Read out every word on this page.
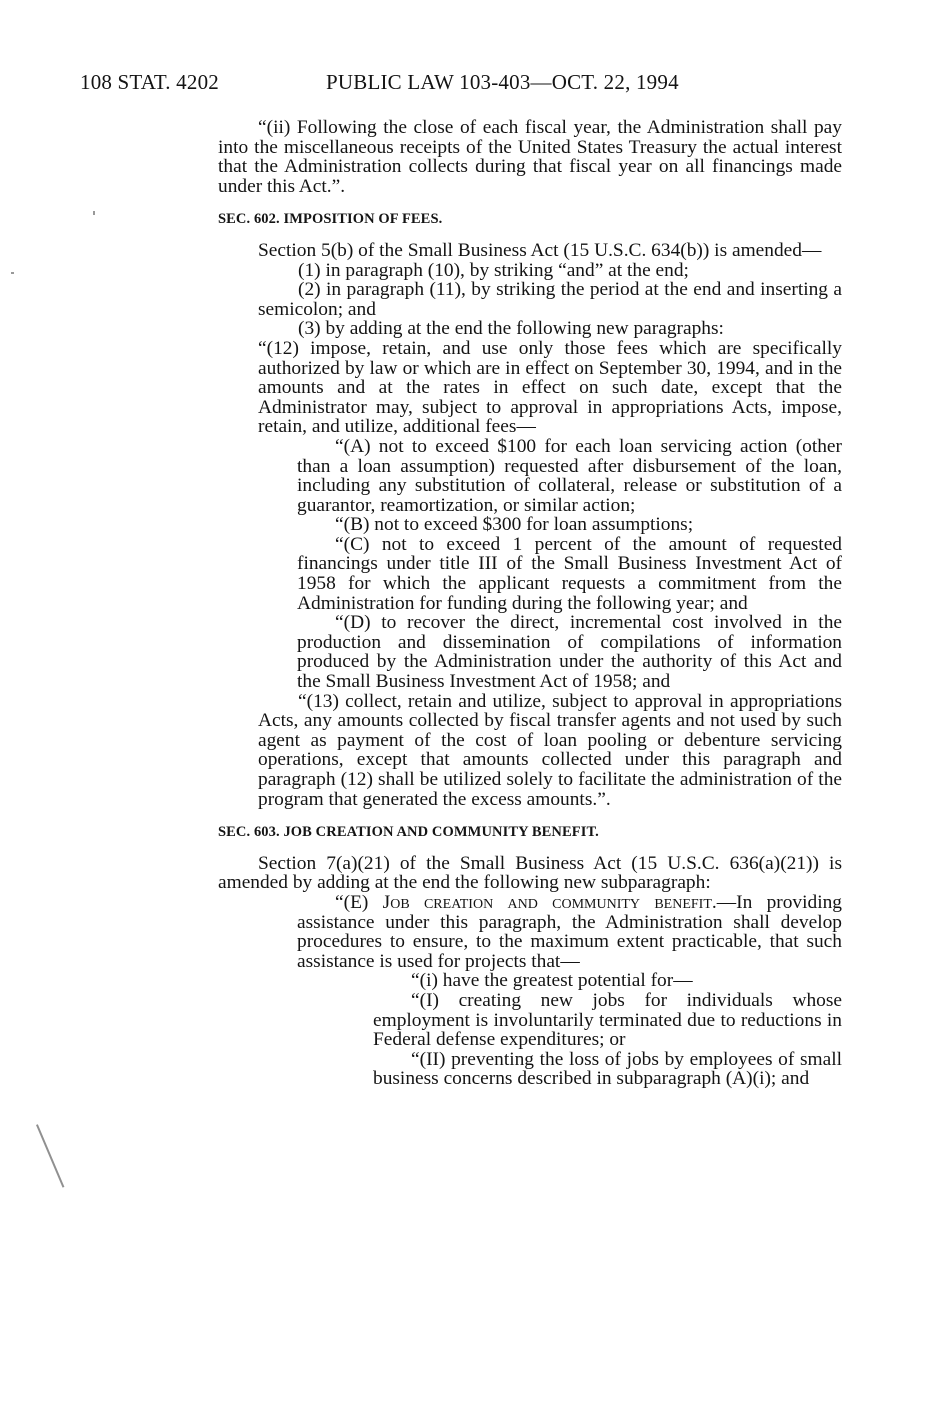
108 STAT. 4202	PUBLIC LAW 103-403—OCT. 22, 1994

“(ii) Following the close of each fiscal year, the Administration shall pay into the miscellaneous receipts of the United States Treasury the actual interest that the Administration collects during that fiscal year on all financings made under this Act.”.

SEC. 602. IMPOSITION OF FEES.

Section 5(b) of the Small Business Act (15 U.S.C. 634(b)) is amended—

(1) in paragraph (10), by striking “and” at the end;

(2) in paragraph (11), by striking the period at the end and inserting a semicolon; and

(3) by adding at the end the following new paragraphs:

“(12) impose, retain, and use only those fees which are specifically authorized by law or which are in effect on September 30, 1994, and in the amounts and at the rates in effect on such date, except that the Administrator may, subject to approval in appropriations Acts, impose, retain, and utilize, additional fees—

“(A) not to exceed $100 for each loan servicing action (other than a loan assumption) requested after disbursement of the loan, including any substitution of collateral, release or substitution of a guarantor, reamortization, or similar action;

“(B) not to exceed $300 for loan assumptions;

“(C) not to exceed 1 percent of the amount of requested financings under title III of the Small Business Investment Act of 1958 for which the applicant requests a commitment from the Administration for funding during the following year; and

“(D) to recover the direct, incremental cost involved in the production and dissemination of compilations of information produced by the Administration under the authority of this Act and the Small Business Investment Act of 1958; and

“(13) collect, retain and utilize, subject to approval in appropriations Acts, any amounts collected by fiscal transfer agents and not used by such agent as payment of the cost of loan pooling or debenture servicing operations, except that amounts collected under this paragraph and paragraph (12) shall be utilized solely to facilitate the administration of the program that generated the excess amounts.”.

SEC. 603. JOB CREATION AND COMMUNITY BENEFIT.

Section 7(a)(21) of the Small Business Act (15 U.S.C. 636(a)(21)) is amended by adding at the end the following new subparagraph:

“(E) Job creation and community benefit.—In providing assistance under this paragraph, the Administration shall develop procedures to ensure, to the maximum extent practicable, that such assistance is used for projects that—

“(i) have the greatest potential for—

“(I) creating new jobs for individuals whose employment is involuntarily terminated due to reductions in Federal defense expenditures; or

“(II) preventing the loss of jobs by employees of small business concerns described in subparagraph (A)(i); and
